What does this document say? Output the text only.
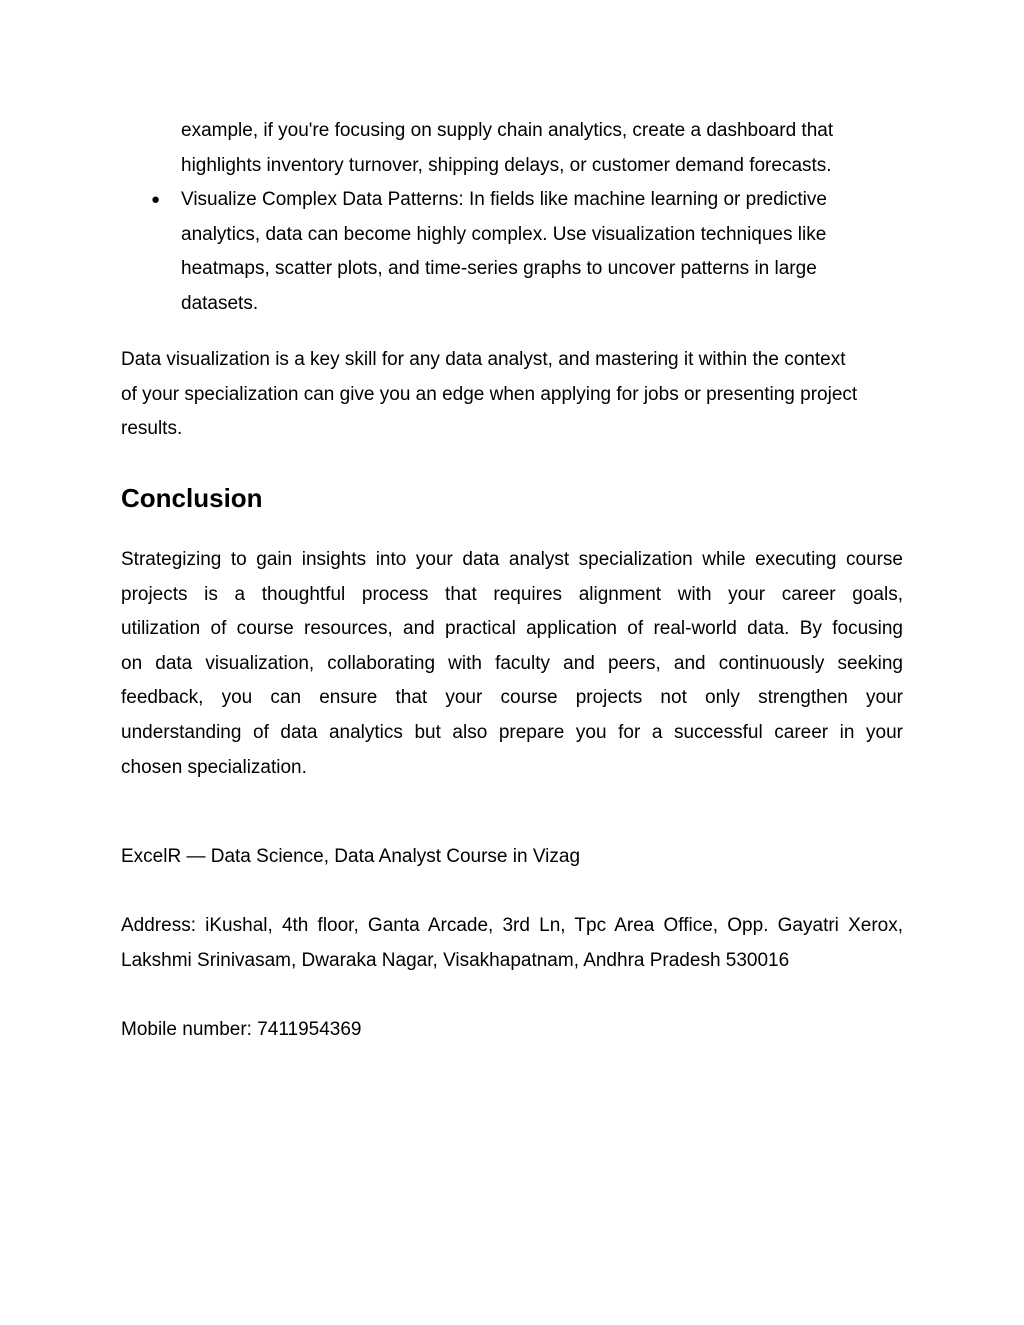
example, if you're focusing on supply chain analytics, create a dashboard that
highlights inventory turnover, shipping delays, or customer demand forecasts.
● Visualize Complex Data Patterns: In fields like machine learning or predictive
analytics, data can become highly complex. Use visualization techniques like
heatmaps, scatter plots, and time-series graphs to uncover patterns in large
datasets.
Data visualization is a key skill for any data analyst, and mastering it within the context
of your specialization can give you an edge when applying for jobs or presenting project
results.
Conclusion
Strategizing to gain insights into your data analyst specialization while executing course
projects is a thoughtful process that requires alignment with your career goals,
utilization of course resources, and practical application of real-world data. By focusing
on data visualization, collaborating with faculty and peers, and continuously seeking
feedback, you can ensure that your course projects not only strengthen your
understanding of data analytics but also prepare you for a successful career in your
chosen specialization.

ExcelR — Data Science, Data Analyst Course in Vizag

Address: iKushal, 4th floor, Ganta Arcade, 3rd Ln, Tpc Area Office, Opp. Gayatri Xerox,
Lakshmi Srinivasam, Dwaraka Nagar, Visakhapatnam, Andhra Pradesh 530016

Mobile number: 7411954369
